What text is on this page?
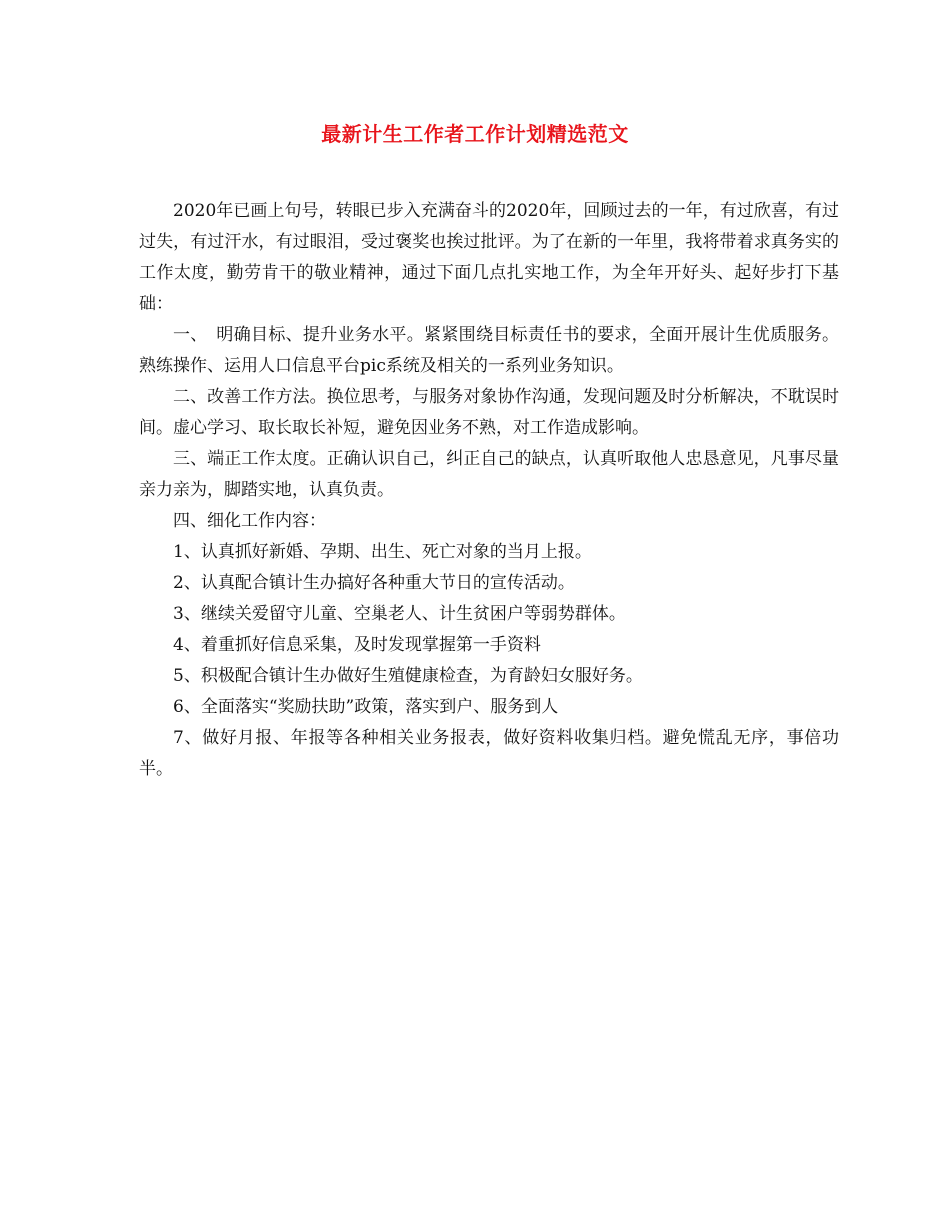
最新计生工作者工作计划精选范文

2020年已画上句号，转眼已步入充满奋斗的2020年，回顾过去的一年，有过欣喜，有过过失，有过汗水，有过眼泪，受过褒奖也挨过批评。为了在新的一年里，我将带着求真务实的工作太度，勤劳肯干的敬业精神，通过下面几点扎实地工作，为全年开好头、起好步打下基础：

一、　明确目标、提升业务水平。紧紧围绕目标责任书的要求，全面开展计生优质服务。熟练操作、运用人口信息平台pic系统及相关的一系列业务知识。

二、改善工作方法。换位思考，与服务对象协作沟通，发现问题及时分析解决，不耽误时间。虚心学习、取长取长补短，避免因业务不熟，对工作造成影响。

三、端正工作太度。正确认识自己，纠正自己的缺点，认真听取他人忠恳意见，凡事尽量亲力亲为，脚踏实地，认真负责。

四、细化工作内容：

1、认真抓好新婚、孕期、出生、死亡对象的当月上报。

2、认真配合镇计生办搞好各种重大节日的宣传活动。

3、继续关爱留守儿童、空巢老人、计生贫困户等弱势群体。

4、着重抓好信息采集，及时发现掌握第一手资料

5、积极配合镇计生办做好生殖健康检查，为育龄妇女服好务。

6、全面落实“奖励扶助”政策，落实到户、服务到人

7、做好月报、年报等各种相关业务报表，做好资料收集归档。避免慌乱无序，事倍功半。
